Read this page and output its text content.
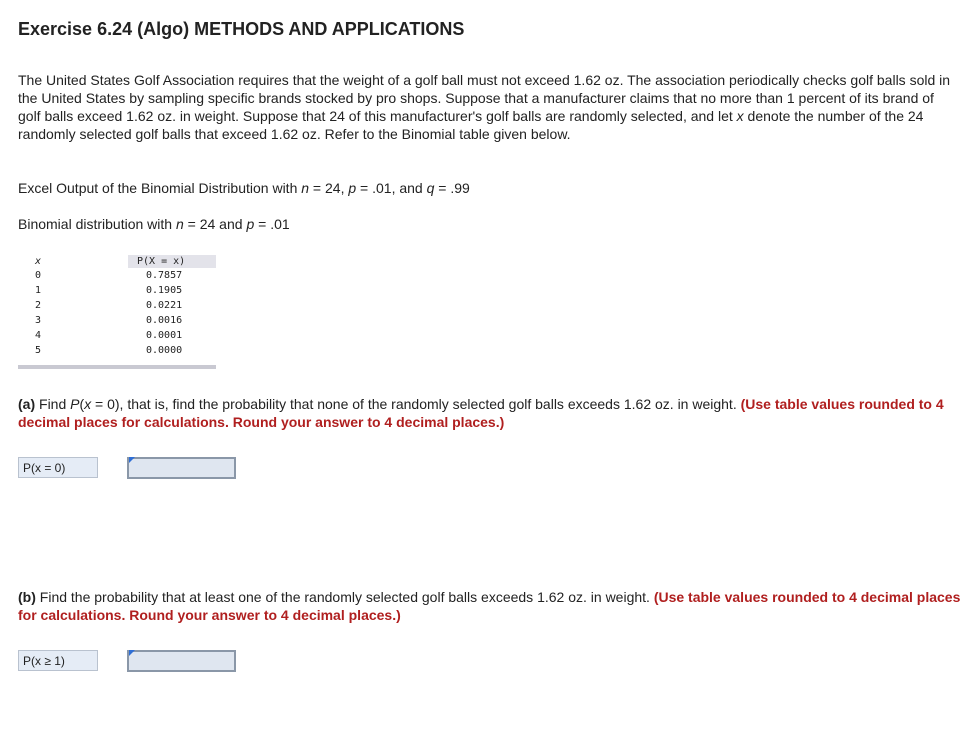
Exercise 6.24 (Algo) METHODS AND APPLICATIONS
The United States Golf Association requires that the weight of a golf ball must not exceed 1.62 oz. The association periodically checks golf balls sold in the United States by sampling specific brands stocked by pro shops. Suppose that a manufacturer claims that no more than 1 percent of its brand of golf balls exceed 1.62 oz. in weight. Suppose that 24 of this manufacturer's golf balls are randomly selected, and let x denote the number of the 24 randomly selected golf balls that exceed 1.62 oz. Refer to the Binomial table given below.
Excel Output of the Binomial Distribution with n = 24, p = .01, and q = .99
Binomial distribution with n = 24 and p = .01
x	P(X = x)
0	0.7857
1	0.1905
2	0.0221
3	0.0016
4	0.0001
5	0.0000
(a) Find P(x = 0), that is, find the probability that none of the randomly selected golf balls exceeds 1.62 oz. in weight. (Use table values rounded to 4 decimal places for calculations. Round your answer to 4 decimal places.)
P(x = 0)
(b) Find the probability that at least one of the randomly selected golf balls exceeds 1.62 oz. in weight. (Use table values rounded to 4 decimal places for calculations. Round your answer to 4 decimal places.)
P(x ≥ 1)
